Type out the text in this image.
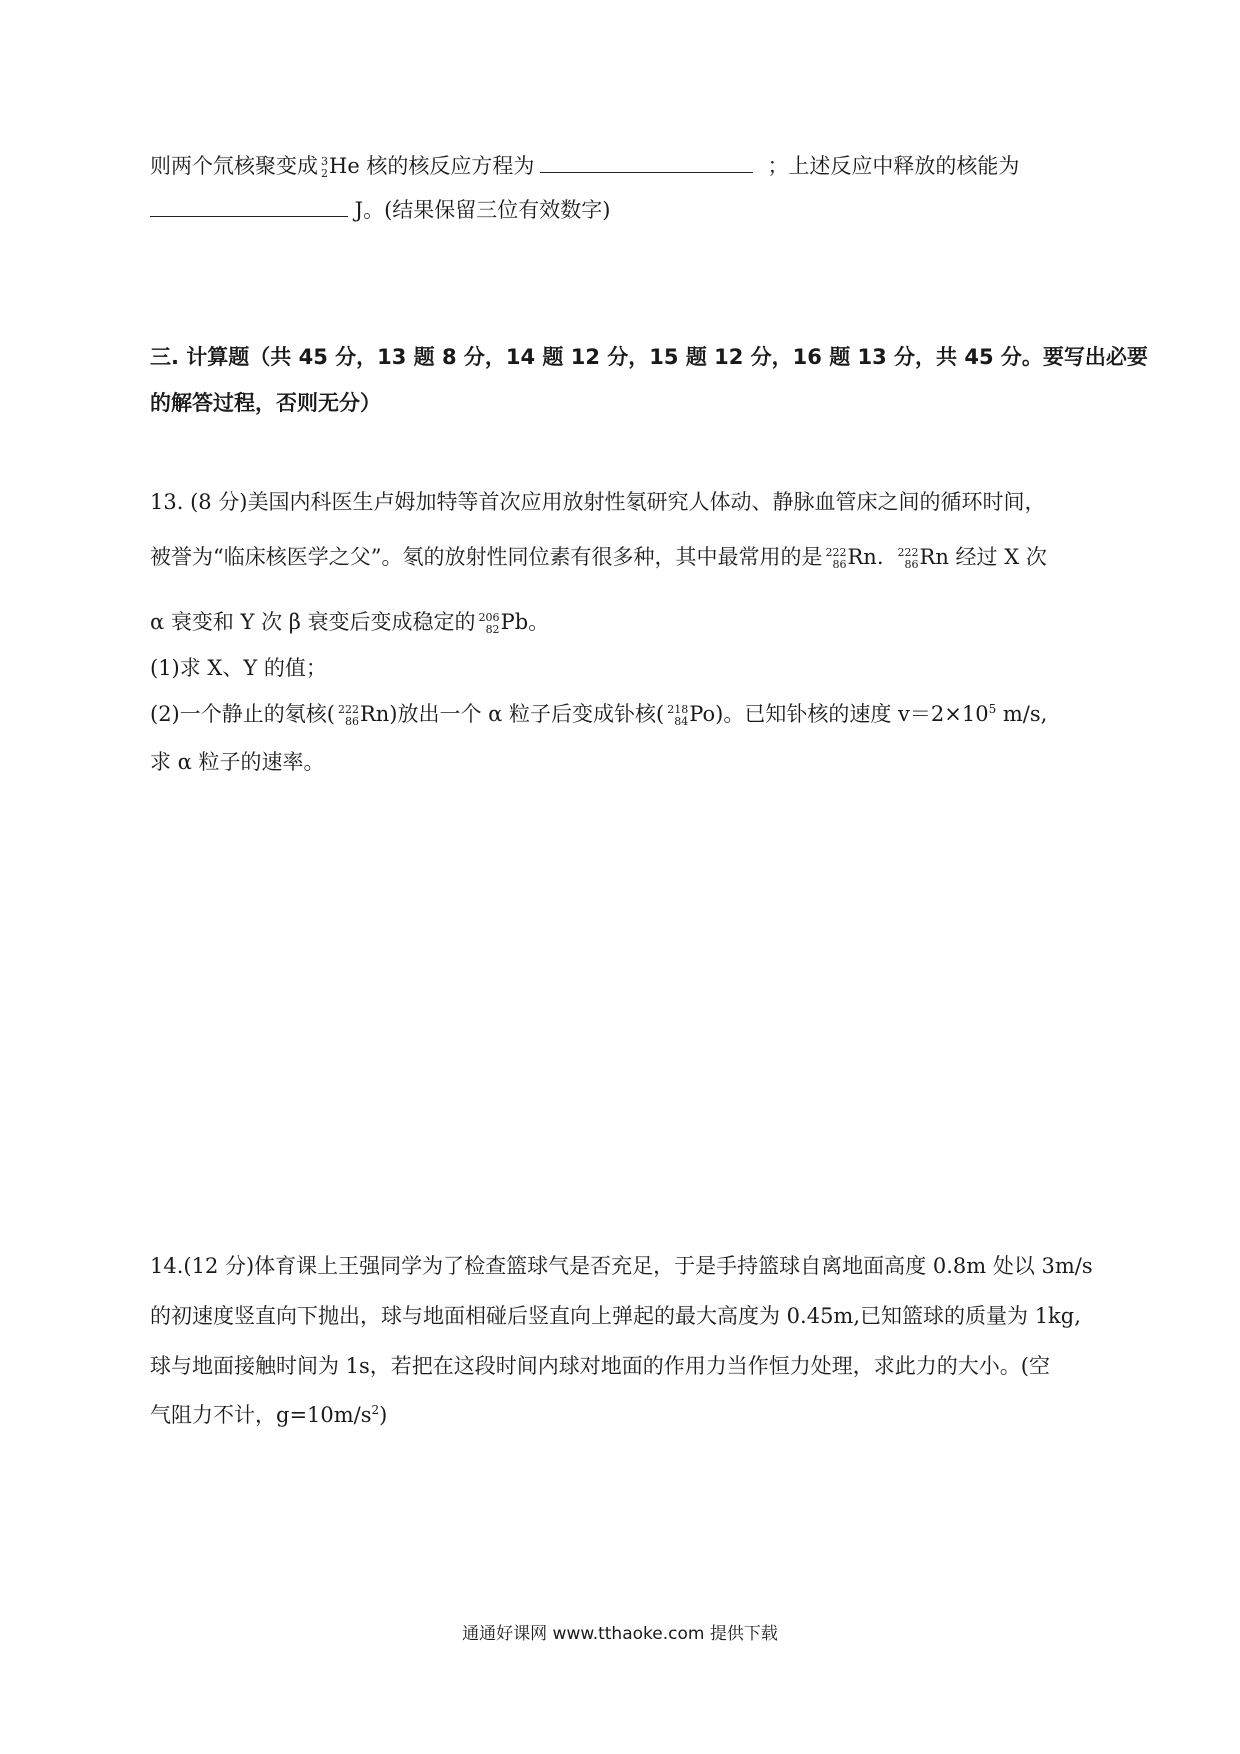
则两个氘核聚变成 3
2 He 核的核反应方程为	；上述反应中释放的核能为
J。(结果保留三位有效数字)
三. 计算题（共 45 分，13 题 8 分，14 题 12 分，15 题 12 分，16 题 13 分，共 45 分。要写出必要
的解答过程，否则无分）
13. (8 分)美国内科医生卢姆加特等首次应用放射性氡研究人体动、静脉血管床之间的循环时间，
被誉为“临床核医学之父”。氡的放射性同位素有很多种，其中最常用的是 222
86 Rn. 222
86 Rn 经过 X 次
α 衰变和 Y 次 β 衰变后变成稳定的 206
82 Pb。
(1)求 X、Y 的值；
(2)一个静止的氡核( 222
86 Rn)放出一个 α 粒子后变成钋核( 218
84 Po)。已知钋核的速度 $v=2\times 10^5$ m/s,
求 α 粒子的速率。
14.(12 分)体育课上王强同学为了检查篮球气是否充足，于是手持篮球自离地面高度 0.8m 处以 3m/s
的初速度竖直向下抛出，球与地面相碰后竖直向上弹起的最大高度为 0.45m,已知篮球的质量为 1kg,
球与地面接触时间为 1s，若把在这段时间内球对地面的作用力当作恒力处理，求此力的大小。(空
气阻力不计，$g=10m/s^2$)
通通好课网 www.tthaoke.com 提供下载
